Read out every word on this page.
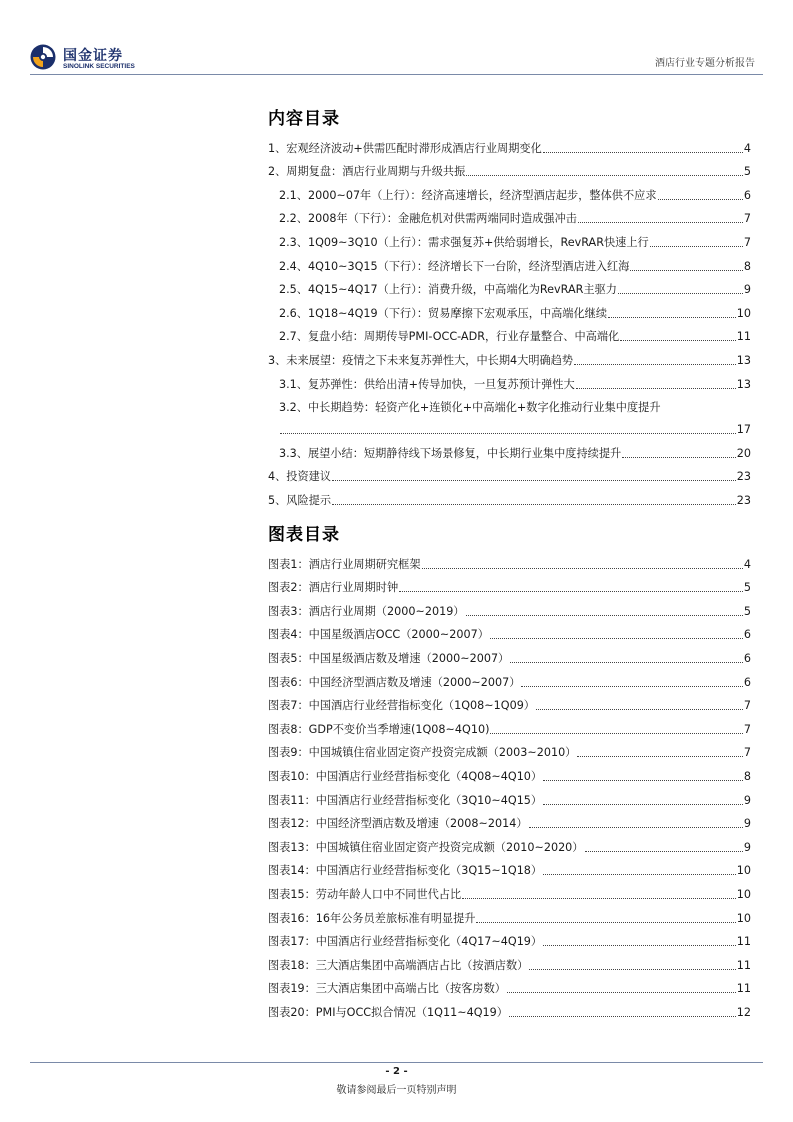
国金证券
SINOLINK SECURITIES	酒店行业专题分析报告
内容目录
1、宏观经济波动+供需匹配时滞形成酒店行业周期变化	4
2、周期复盘：酒店行业周期与升级共振	5
2.1、2000~07年（上行）：经济高速增长，经济型酒店起步，整体供不应求	6
2.2、2008年（下行）：金融危机对供需两端同时造成强冲击	7
2.3、1Q09~3Q10（上行）：需求强复苏+供给弱增长，RevRAR快速上行	7
2.4、4Q10~3Q15（下行）：经济增长下一台阶，经济型酒店进入红海	8
2.5、4Q15~4Q17（上行）：消费升级，中高端化为RevRAR主驱力	9
2.6、1Q18~4Q19（下行）：贸易摩擦下宏观承压，中高端化继续	10
2.7、复盘小结：周期传导PMI-OCC-ADR，行业存量整合、中高端化	11
3、未来展望：疫情之下未来复苏弹性大，中长期4大明确趋势	13
3.1、复苏弹性：供给出清+传导加快，一旦复苏预计弹性大	13
3.2、中长期趋势：轻资产化+连锁化+中高端化+数字化推动行业集中度提升
17
3.3、展望小结：短期静待线下场景修复，中长期行业集中度持续提升	20
4、投资建议	23
5、风险提示	23
图表目录
图表1：酒店行业周期研究框架	4
图表2：酒店行业周期时钟	5
图表3：酒店行业周期（2000~2019）	5
图表4：中国星级酒店OCC（2000~2007）	6
图表5：中国星级酒店数及增速（2000~2007）	6
图表6：中国经济型酒店数及增速（2000~2007）	6
图表7：中国酒店行业经营指标变化（1Q08~1Q09）	7
图表8：GDP不变价当季增速(1Q08~4Q10)	7
图表9：中国城镇住宿业固定资产投资完成额（2003~2010）	7
图表10：中国酒店行业经营指标变化（4Q08~4Q10）	8
图表11：中国酒店行业经营指标变化（3Q10~4Q15）	9
图表12：中国经济型酒店数及增速（2008~2014）	9
图表13：中国城镇住宿业固定资产投资完成额（2010~2020）	9
图表14：中国酒店行业经营指标变化（3Q15~1Q18）	10
图表15：劳动年龄人口中不同世代占比	10
图表16：16年公务员差旅标准有明显提升	10
图表17：中国酒店行业经营指标变化（4Q17~4Q19）	11
图表18：三大酒店集团中高端酒店占比（按酒店数）	11
图表19：三大酒店集团中高端占比（按客房数）	11
图表20：PMI与OCC拟合情况（1Q11~4Q19）	12
- 2 -
敬请参阅最后一页特别声明
